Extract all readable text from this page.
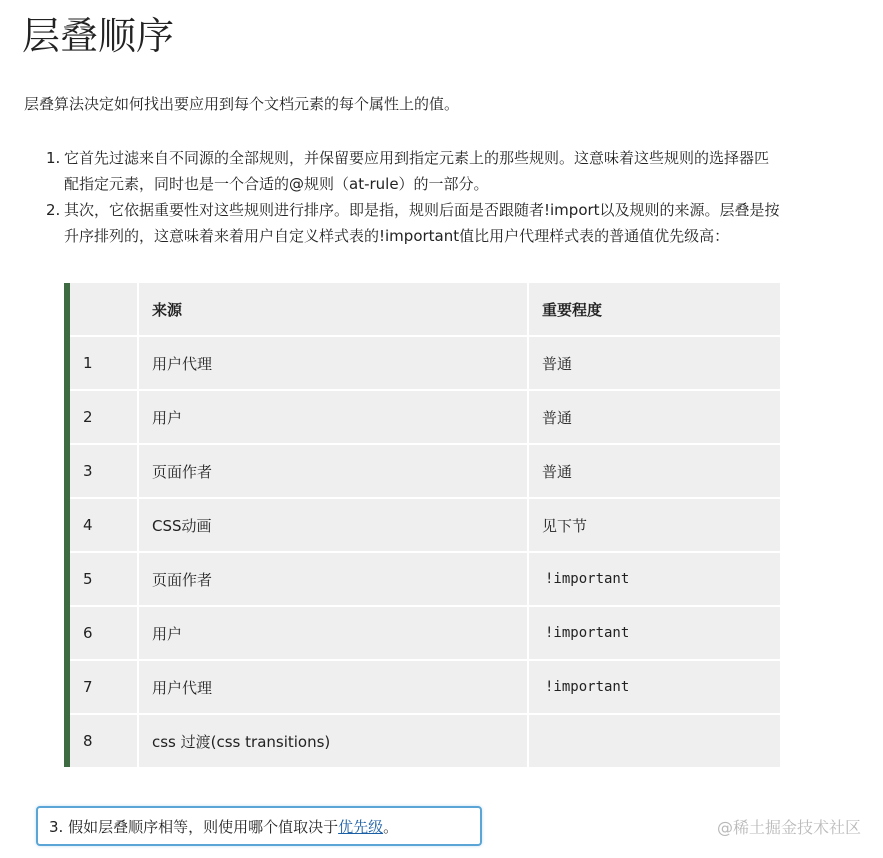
层叠顺序

层叠算法决定如何找出要应用到每个文档元素的每个属性上的值。

1. 它首先过滤来自不同源的全部规则，并保留要应用到指定元素上的那些规则。这意味着这些规则的选择器匹配指定元素，同时也是一个合适的@规则（at-rule）的一部分。
2. 其次，它依据重要性对这些规则进行排序。即是指，规则后面是否跟随者!import以及规则的来源。层叠是按升序排列的，这意味着来着用户自定义样式表的!important值比用户代理样式表的普通值优先级高：
	来源	重要程度
1	用户代理	普通
2	用户	普通
3	页面作者	普通
4	CSS动画	见下节
5	页面作者	!important
6	用户	!important
7	用户代理	!important
8	css 过渡(css transitions)	
3. 假如层叠顺序相等，则使用哪个值取决于优先级。	@稀土掘金技术社区
